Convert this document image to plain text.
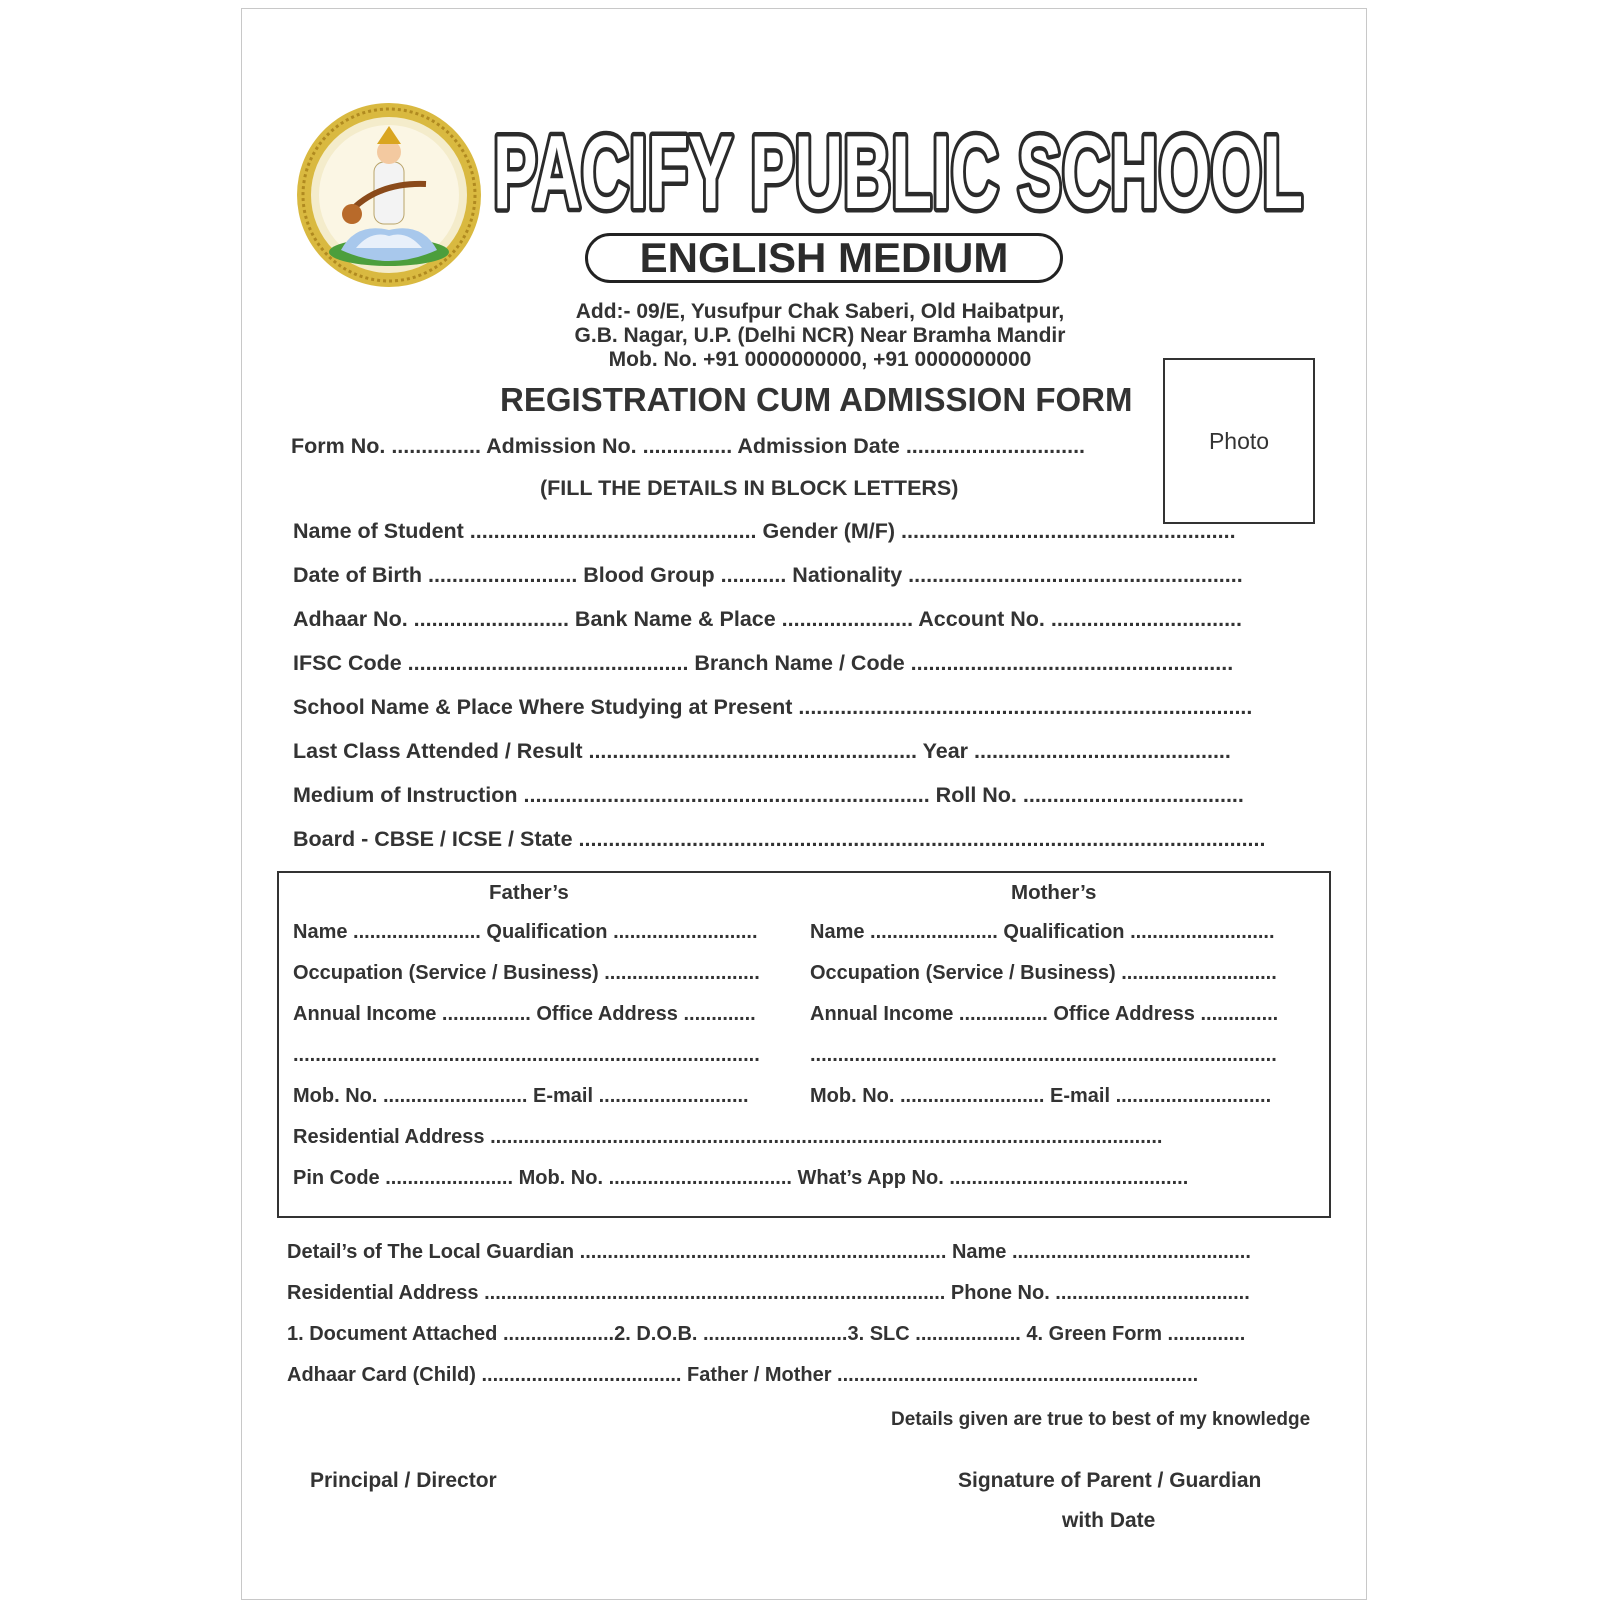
PACIFY PUBLIC SCHOOL
ENGLISH MEDIUM
Add:- 09/E, Yusufpur Chak Saberi, Old Haibatpur,
G.B. Nagar, U.P. (Delhi NCR) Near Bramha Mandir
Mob. No. +91 0000000000, +91 0000000000
REGISTRATION CUM ADMISSION FORM
Photo
Form No. ............... Admission No. ............... Admission Date ..............................
(FILL THE DETAILS IN BLOCK LETTERS)
Name of Student ................................................ Gender (M/F) ........................................................
Date of Birth ......................... Blood Group ........... Nationality ........................................................
Adhaar No. .......................... Bank Name & Place ...................... Account No. ................................
IFSC Code ............................................... Branch Name / Code ......................................................
School Name & Place Where Studying at Present ............................................................................
Last Class Attended / Result ....................................................... Year ...........................................
Medium of Instruction .................................................................... Roll No. .....................................
Board - CBSE / ICSE / State ...................................................................................................................
Father’s	Mother’s
Name ....................... Qualification ..........................
Occupation (Service / Business) ............................
Annual Income ................ Office Address .............
....................................................................................
Mob. No. .......................... E-mail ...........................
Name ....................... Qualification ..........................
Occupation (Service / Business) ............................
Annual Income ................ Office Address ..............
....................................................................................
Mob. No. .......................... E-mail ............................
Residential Address .........................................................................................................................
Pin Code ....................... Mob. No. ................................. What’s App No. ...........................................
Detail’s of The Local Guardian .................................................................. Name ...........................................
Residential Address ................................................................................... Phone No. ...................................
1. Document Attached ....................2. D.O.B. ..........................3. SLC ................... 4. Green Form ..............
Adhaar Card (Child) .................................... Father / Mother .................................................................
Details given are true to best of my knowledge
Principal / Director	Signature of Parent / Guardian
with Date
